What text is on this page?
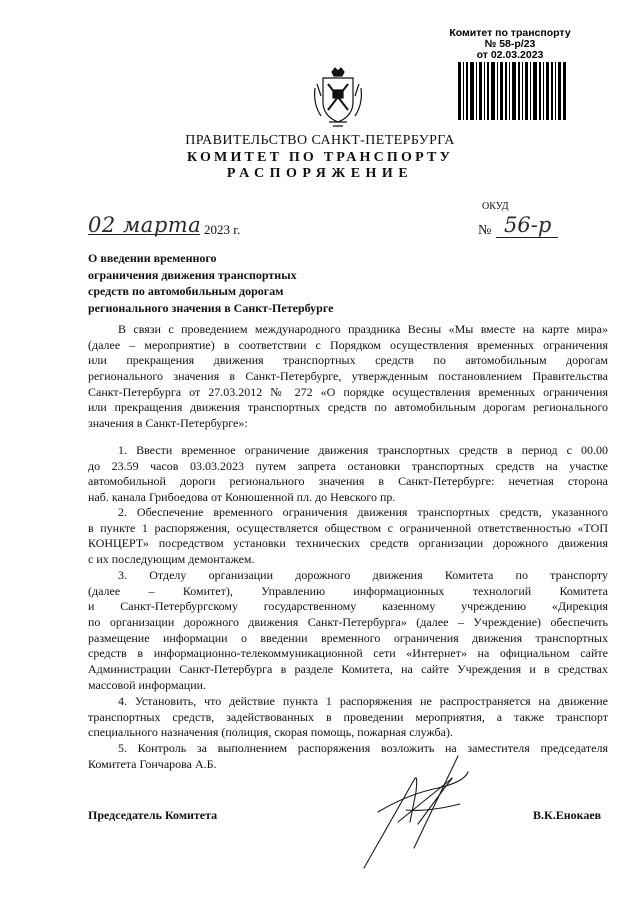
Комитет по транспорту
№ 58-р/23
от 02.03.2023
ПРАВИТЕЛЬСТВО САНКТ-ПЕТЕРБУРГА
КОМИТЕТ ПО ТРАНСПОРТУ
РАСПОРЯЖЕНИЕ
ОКУД
02 марта 2023 г.	№ 56-р
О введении временного
ограничения движения транспортных
средств по автомобильным дорогам
регионального значения в Санкт-Петербурге
В связи с проведением международного праздника Весны «Мы вместе на карте мира»
(далее – мероприятие) в соответствии с Порядком осуществления временных ограничения
или прекращения движения транспортных средств по автомобильным дорогам
регионального значения в Санкт-Петербурге, утвержденным постановлением Правительства
Санкт-Петербурга от 27.03.2012 № 272 «О порядке осуществления временных ограничения
или прекращения движения транспортных средств по автомобильным дорогам регионального
значения в Санкт-Петербурге»:
1. Ввести временное ограничение движения транспортных средств в период с 00.00
до 23.59 часов 03.03.2023 путем запрета остановки транспортных средств на участке
автомобильной дороги регионального значения в Санкт-Петербурге: нечетная сторона
наб. канала Грибоедова от Конюшенной пл. до Невского пр.
2. Обеспечение временного ограничения движения транспортных средств, указанного
в пункте 1 распоряжения, осуществляется обществом с ограниченной ответственностью «ТОП
КОНЦЕРТ» посредством установки технических средств организации дорожного движения
с их последующим демонтажем.
3. Отделу организации дорожного движения Комитета по транспорту
(далее – Комитет), Управлению информационных технологий Комитета
и Санкт-Петербургскому государственному казенному учреждению «Дирекция
по организации дорожного движения Санкт-Петербурга» (далее – Учреждение) обеспечить
размещение информации о введении временного ограничения движения транспортных
средств в информационно-телекоммуникационной сети «Интернет» на официальном сайте
Администрации Санкт-Петербурга в разделе Комитета, на сайте Учреждения и в средствах
массовой информации.
4. Установить, что действие пункта 1 распоряжения не распространяется на движение
транспортных средств, задействованных в проведении мероприятия, а также транспорт
специального назначения (полиция, скорая помощь, пожарная служба).
5. Контроль за выполнением распоряжения возложить на заместителя председателя
Комитета Гончарова А.Б.
Председатель Комитета	В.К.Енокаев
